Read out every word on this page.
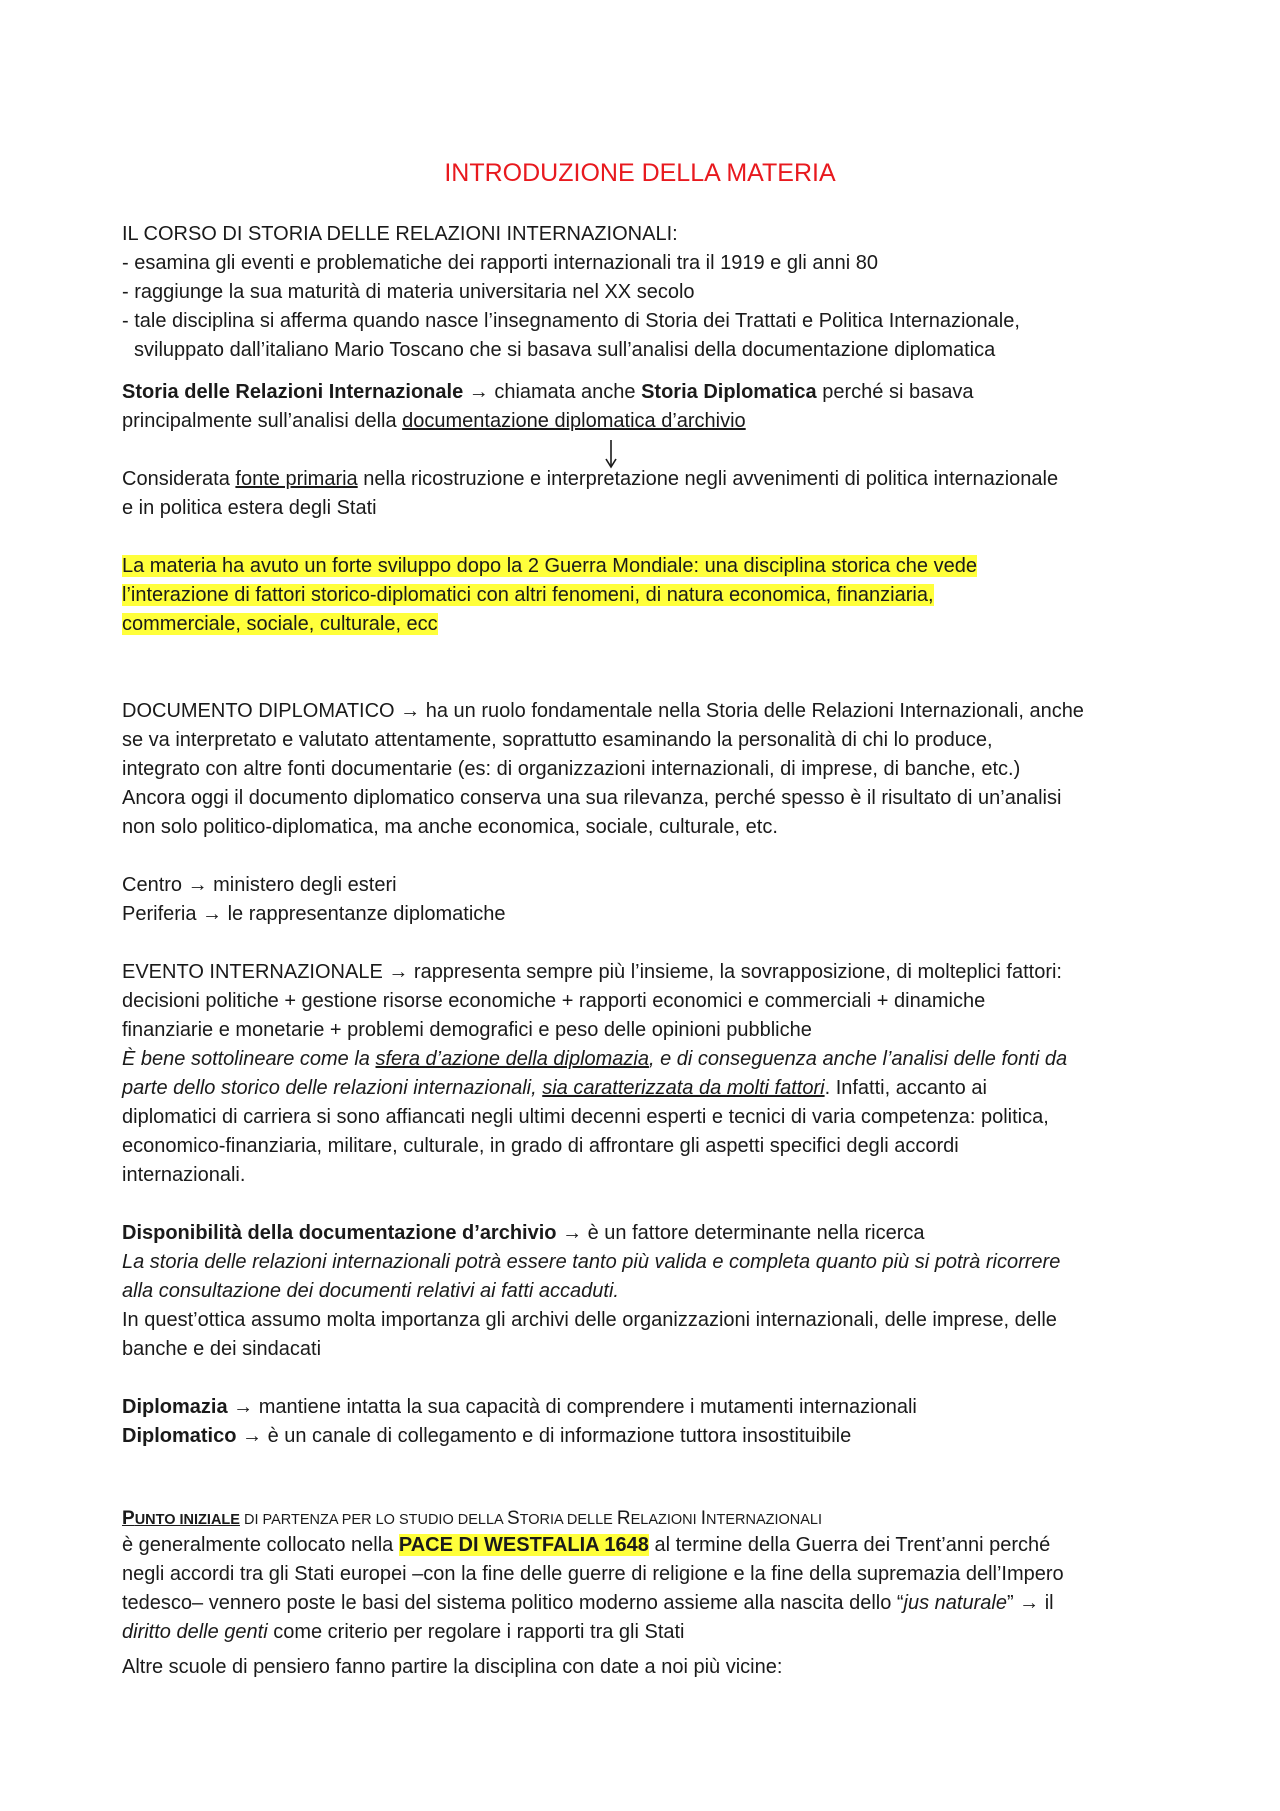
INTRODUZIONE DELLA MATERIA

IL CORSO DI STORIA DELLE RELAZIONI INTERNAZIONALI:

- esamina gli eventi e problematiche dei rapporti internazionali tra il 1919 e gli anni 80

- raggiunge la sua maturità di materia universitaria nel XX secolo

- tale disciplina si afferma quando nasce l’insegnamento di Storia dei Trattati e Politica Internazionale,

sviluppato dall’italiano Mario Toscano che si basava sull’analisi della documentazione diplomatica

Storia delle Relazioni Internazionale → chiamata anche Storia Diplomatica perché si basava

principalmente sull’analisi della documentazione diplomatica d’archivio

Considerata fonte primaria nella ricostruzione e interpretazione negli avvenimenti di politica internazionale

e in politica estera degli Stati

La materia ha avuto un forte sviluppo dopo la 2 Guerra Mondiale: una disciplina storica che vede

l’interazione di fattori storico-diplomatici con altri fenomeni, di natura economica, finanziaria,

commerciale, sociale, culturale, ecc

DOCUMENTO DIPLOMATICO → ha un ruolo fondamentale nella Storia delle Relazioni Internazionali, anche

se va interpretato e valutato attentamente, soprattutto esaminando la personalità di chi lo produce,

integrato con altre fonti documentarie (es: di organizzazioni internazionali, di imprese, di banche, etc.)

Ancora oggi il documento diplomatico conserva una sua rilevanza, perché spesso è il risultato di un’analisi

non solo politico-diplomatica, ma anche economica, sociale, culturale, etc.

Centro → ministero degli esteri

Periferia → le rappresentanze diplomatiche

EVENTO INTERNAZIONALE → rappresenta sempre più l’insieme, la sovrapposizione, di molteplici fattori:

decisioni politiche + gestione risorse economiche + rapporti economici e commerciali + dinamiche

finanziarie e monetarie + problemi demografici e peso delle opinioni pubbliche

È bene sottolineare come la sfera d’azione della diplomazia, e di conseguenza anche l’analisi delle fonti da

parte dello storico delle relazioni internazionali, sia caratterizzata da molti fattori. Infatti, accanto ai

diplomatici di carriera si sono affiancati negli ultimi decenni esperti e tecnici di varia competenza: politica,

economico-finanziaria, militare, culturale, in grado di affrontare gli aspetti specifici degli accordi

internazionali.

Disponibilità della documentazione d’archivio → è un fattore determinante nella ricerca

La storia delle relazioni internazionali potrà essere tanto più valida e completa quanto più si potrà ricorrere

alla consultazione dei documenti relativi ai fatti accaduti.

In quest’ottica assumo molta importanza gli archivi delle organizzazioni internazionali, delle imprese, delle

banche e dei sindacati

Diplomazia → mantiene intatta la sua capacità di comprendere i mutamenti internazionali

Diplomatico → è un canale di collegamento e di informazione tuttora insostituibile

PUNTO INIZIALE DI PARTENZA PER LO STUDIO DELLA STORIA DELLE RELAZIONI INTERNAZIONALI

è generalmente collocato nella PACE DI WESTFALIA 1648 al termine della Guerra dei Trent’anni perché

negli accordi tra gli Stati europei –con la fine delle guerre di religione e la fine della supremazia dell’Impero

tedesco– vennero poste le basi del sistema politico moderno assieme alla nascita dello “jus naturale” → il

diritto delle genti come criterio per regolare i rapporti tra gli Stati

Altre scuole di pensiero fanno partire la disciplina con date a noi più vicine:
